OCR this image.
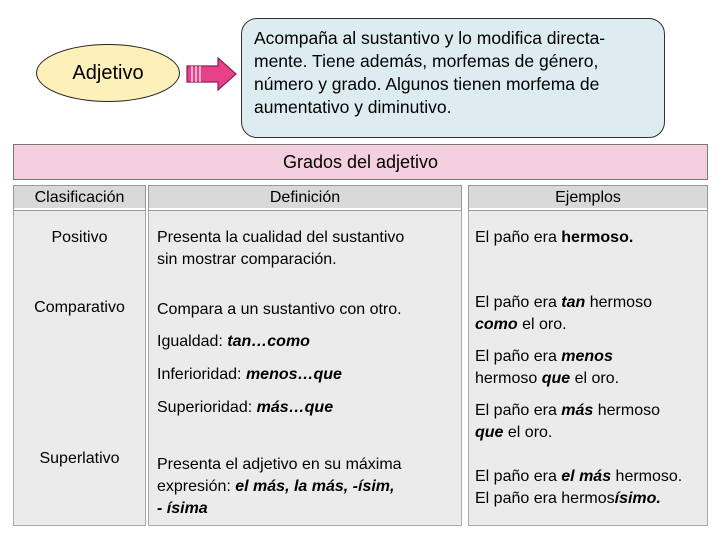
Adjetivo
Acompaña al sustantivo y lo modifica directa-
mente. Tiene además, morfemas de género,
número y grado. Algunos tienen morfema de
aumentativo y diminutivo.
Grados del adjetivo
Clasificación	Definición	Ejemplos
Positivo
Comparativo
Superlativo
Presenta la cualidad del sustantivo
sin mostrar comparación.
Compara a un sustantivo con otro.
Igualdad: tan…como
Inferioridad: menos…que
Superioridad: más…que
Presenta el adjetivo en su máxima
expresión: el más, la más, -ísim,
- ísima
El paño era hermoso.
El paño era tan hermoso
como el oro.
El paño era menos
hermoso que el oro.
El paño era más hermoso
que el oro.
El paño era el más hermoso.
El paño era hermosísimo.
